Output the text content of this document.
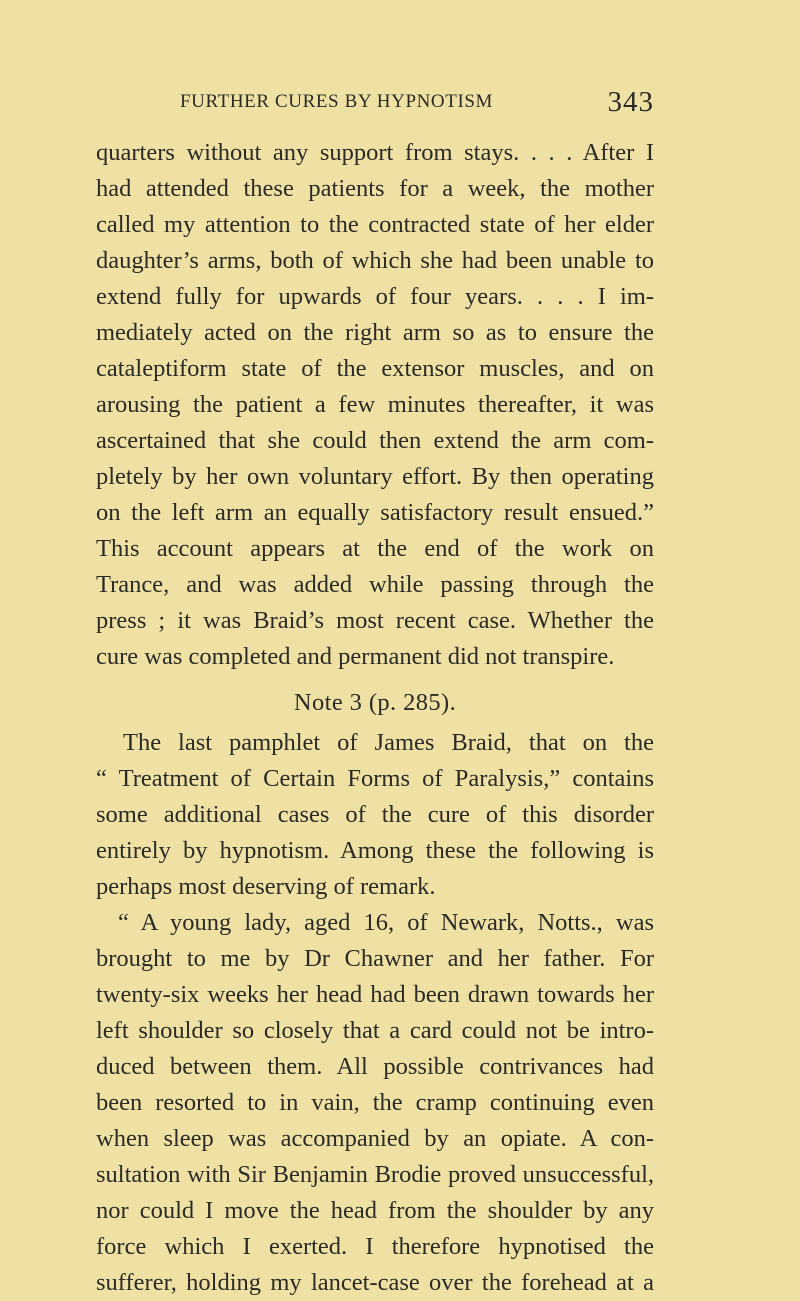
FURTHER CURES BY HYPNOTISM	343
quarters without any support from stays. . . . After I
had attended these patients for a week, the mother
called my attention to the contracted state of her elder
daughter’s arms, both of which she had been unable to
extend fully for upwards of four years. . . . I im-
mediately acted on the right arm so as to ensure the
cataleptiform state of the extensor muscles, and on
arousing the patient a few minutes thereafter, it was
ascertained that she could then extend the arm com-
pletely by her own voluntary effort. By then operating
on the left arm an equally satisfactory result ensued.”
This account appears at the end of the work on
Trance, and was added while passing through the
press ; it was Braid’s most recent case. Whether the
cure was completed and permanent did not transpire.
Note 3 (p. 285).
The last pamphlet of James Braid, that on the
“ Treatment of Certain Forms of Paralysis,” contains
some additional cases of the cure of this disorder
entirely by hypnotism. Among these the following is
perhaps most deserving of remark.
“ A young lady, aged 16, of Newark, Notts., was
brought to me by Dr Chawner and her father. For
twenty-six weeks her head had been drawn towards her
left shoulder so closely that a card could not be intro-
duced between them. All possible contrivances had
been resorted to in vain, the cramp continuing even
when sleep was accompanied by an opiate. A con-
sultation with Sir Benjamin Brodie proved unsuccessful,
nor could I move the head from the shoulder by any
force which I exerted. I therefore hypnotised the
sufferer, holding my lancet-case over the forehead at a
